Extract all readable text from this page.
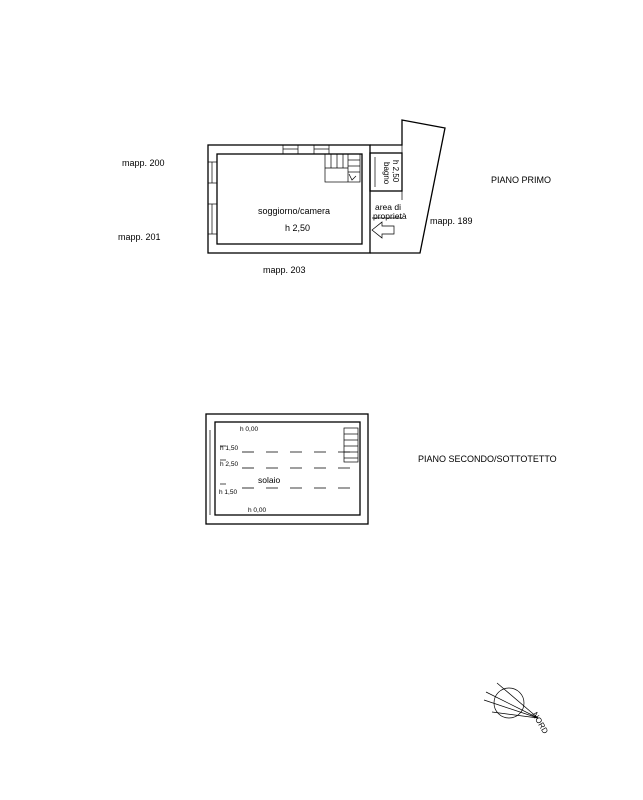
mapp. 200
mapp. 201
mapp. 203
mapp. 189
PIANO PRIMO
soggiorno/camera
h 2,50
bagno h 2,50
area di
proprietà
h 0,00
h 1,50
h 2,50
solaio
h 1,50
h 0,00
PIANO SECONDO/SOTTOTETTO
NORD
